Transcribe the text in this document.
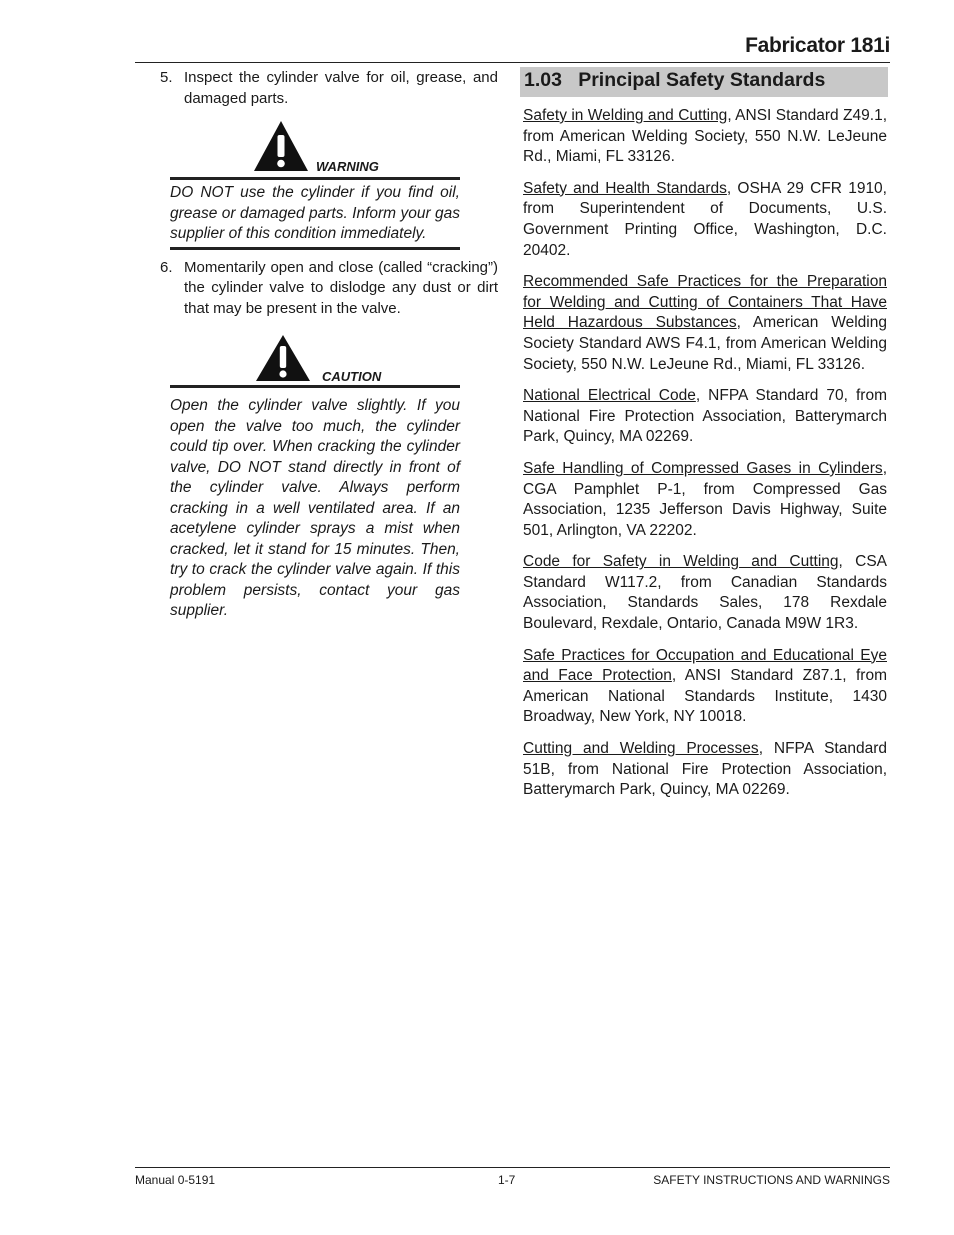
Fabricator 181i
5. Inspect the cylinder valve for oil, grease, and damaged parts.
WARNING
DO NOT use the cylinder if you find oil, grease or damaged parts. Inform your gas supplier of this condition immediately.
6. Momentarily open and close (called “cracking”) the cylinder valve to dislodge any dust or dirt that may be present in the valve.
CAUTION
Open the cylinder valve slightly. If you open the valve too much, the cylinder could tip over. When cracking the cylinder valve, DO NOT stand directly in front of the cylinder valve. Always perform cracking in a well ventilated area. If an acetylene cylinder sprays a mist when cracked, let it stand for 15 minutes. Then, try to crack the cylinder valve again. If this problem persists, contact your gas supplier.
1.03   Principal Safety Standards

Safety in Welding and Cutting, ANSI Standard Z49.1, from American Welding Society, 550 N.W. LeJeune Rd., Miami, FL 33126.

Safety and Health Standards, OSHA 29 CFR 1910, from Superintendent of Documents, U.S. Government Printing Office, Washington, D.C. 20402.

Recommended Safe Practices for the Preparation for Welding and Cutting of Containers That Have Held Hazardous Substances, American Welding Society Standard AWS F4.1, from American Welding Society, 550 N.W. LeJeune Rd., Miami, FL 33126.

National Electrical Code, NFPA Standard 70, from National Fire Protection Association, Batterymarch Park, Quincy, MA 02269.

Safe Handling of Compressed Gases in Cylinders, CGA Pamphlet P-1, from Compressed Gas Association, 1235 Jefferson Davis Highway, Suite 501, Arlington, VA 22202.

Code for Safety in Welding and Cutting, CSA Standard W117.2, from Canadian Standards Association, Standards Sales, 178 Rexdale Boulevard, Rexdale, Ontario, Canada M9W 1R3.

Safe Practices for Occupation and Educational Eye and Face Protection, ANSI Standard Z87.1, from American National Standards Institute, 1430 Broadway, New York, NY 10018.

Cutting and Welding Processes, NFPA Standard 51B, from National Fire Protection Association, Batterymarch Park, Quincy, MA 02269.

Manual 0-5191	1-7	SAFETY INSTRUCTIONS AND WARNINGS
